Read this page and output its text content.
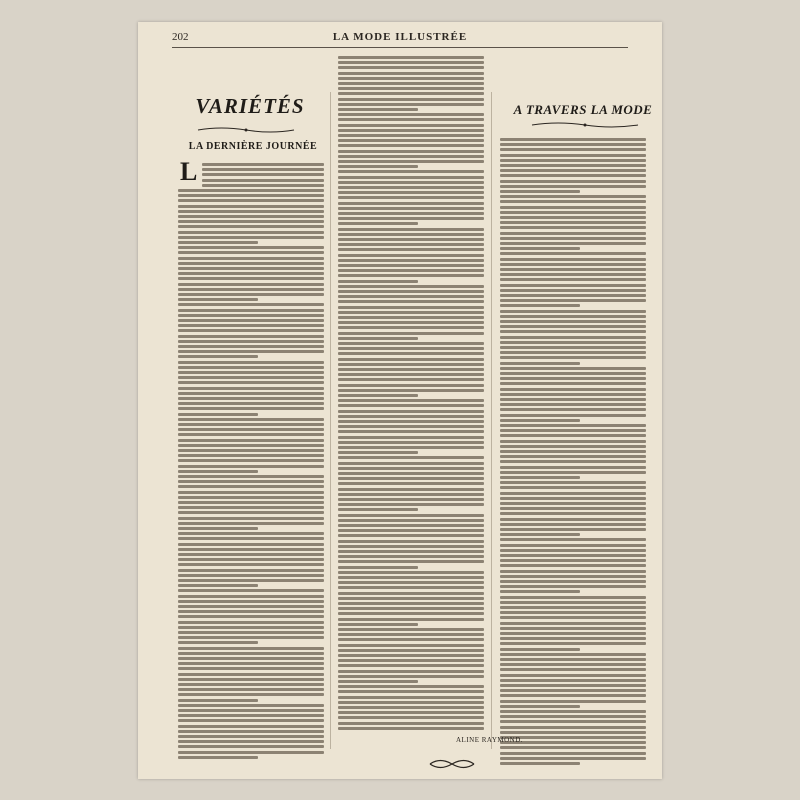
202	LA MODE ILLUSTRÉE
VARIÉTÉS
LA DERNIÈRE JOURNÉE
L
A TRAVERS LA MODE
ALINE RAYMOND.
